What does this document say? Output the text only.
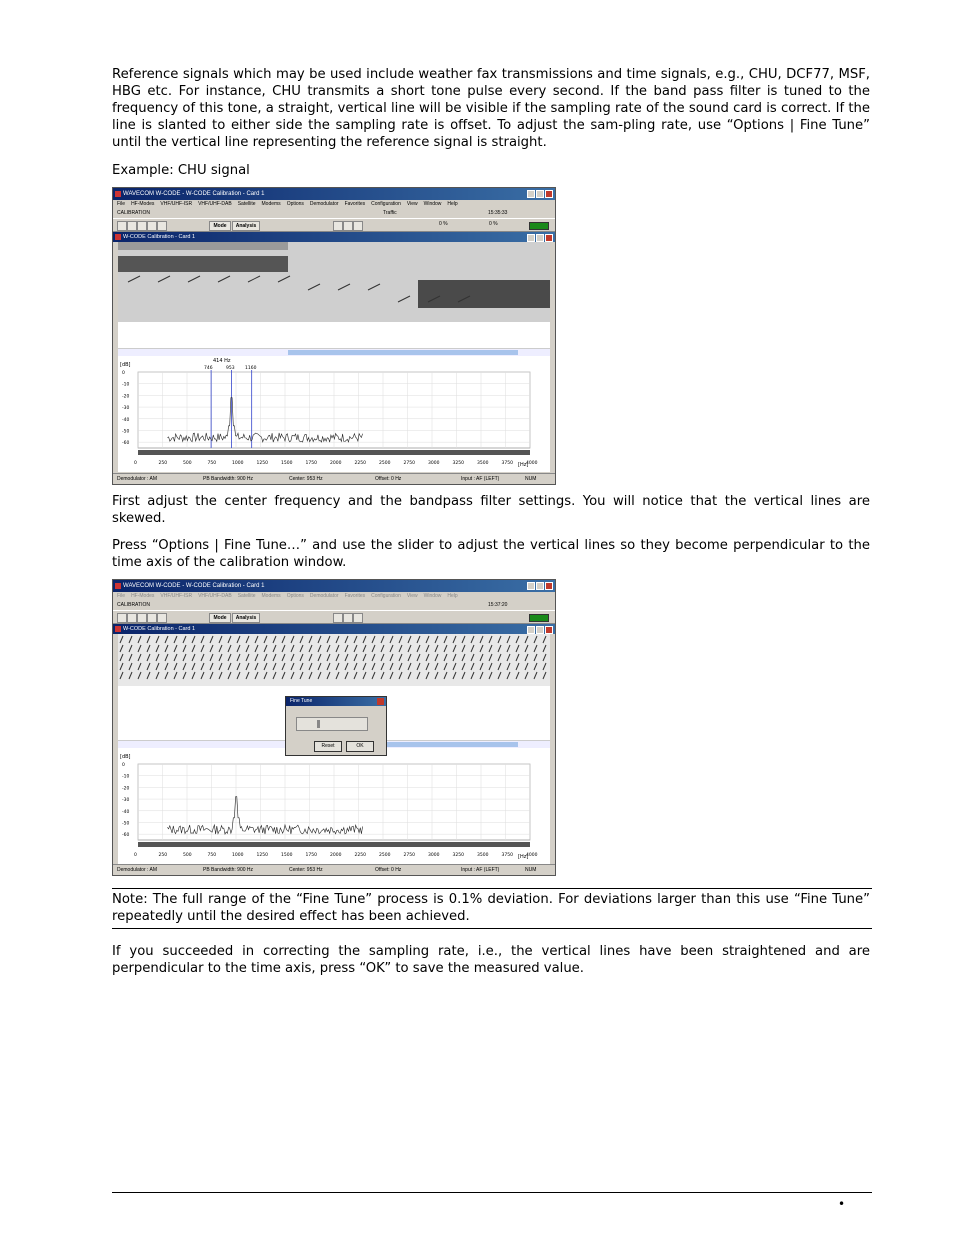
Reference signals which may be used include weather fax transmissions and time signals, e.g., CHU, DCF77, MSF, HBG etc. For instance, CHU transmits a short tone pulse every second. If the band pass filter is tuned to the frequency of this tone, a straight, vertical line will be visible if the sampling rate of the sound card is correct. If the line is slanted to either side the sampling rate is offset. To adjust the sam-pling rate, use “Options | Fine Tune” until the vertical line representing the reference signal is straight.

Example: CHU signal

WAVECOM W-CODE - W-CODE Calibration - Card 1
File HF-Modes VHF/UHF-ISR VHF/UHF-DAB Satellite Modems Options Demodulator Favorites Configuration View Window Help
CALIBRATION	Traffic	15:35:33
Mode	Analysis	0 %	0 %
W-CODE Calibration - Card 1
[dB]
[Hz]
414 Hz
746	953 1160
0	250	500	750	1000	1250	1500	1750	2000	2250	2500	2750	3000	3250	3500	3750	4000
0
-10
-20
-30
-40
-50
-60
Demodulator : AM	PB Bandwidth: 900 Hz	Center: 953 Hz	Offset: 0 Hz	Input : AF (LEFT)	NUM

First adjust the center frequency and the bandpass filter settings. You will notice that the vertical lines are skewed.

Press “Options | Fine Tune…” and use the slider to adjust the vertical lines so they become perpendicular to the time axis of the calibration window.

WAVECOM W-CODE - W-CODE Calibration - Card 1
File HF-Modes VHF/UHF-ISR VHF/UHF-DAB Satellite Modems Options Demodulator Favorites Configuration View Window Help
CALIBRATION	15:37:20
Mode	Analysis
W-CODE Calibration - Card 1
[dB]
[Hz]
0	250	500	750	1000	1250	1500	1750	2000	2250	2500	2750	3000	3250	3500	3750	4000
0
-10
-20
-30
-40
-50
-60
Demodulator : AM	PB Bandwidth: 900 Hz	Center: 953 Hz	Offset: 0 Hz	Input : AF (LEFT)	NUM
Fine Tune
Reset	OK

Note: The full range of the “Fine Tune” process is 0.1% deviation. For deviations larger than this use “Fine Tune” repeatedly until the desired effect has been achieved.

If you succeeded in correcting the sampling rate, i.e., the vertical lines have been straightened and are perpendicular to the time axis, press “OK” to save the measured value.

•
